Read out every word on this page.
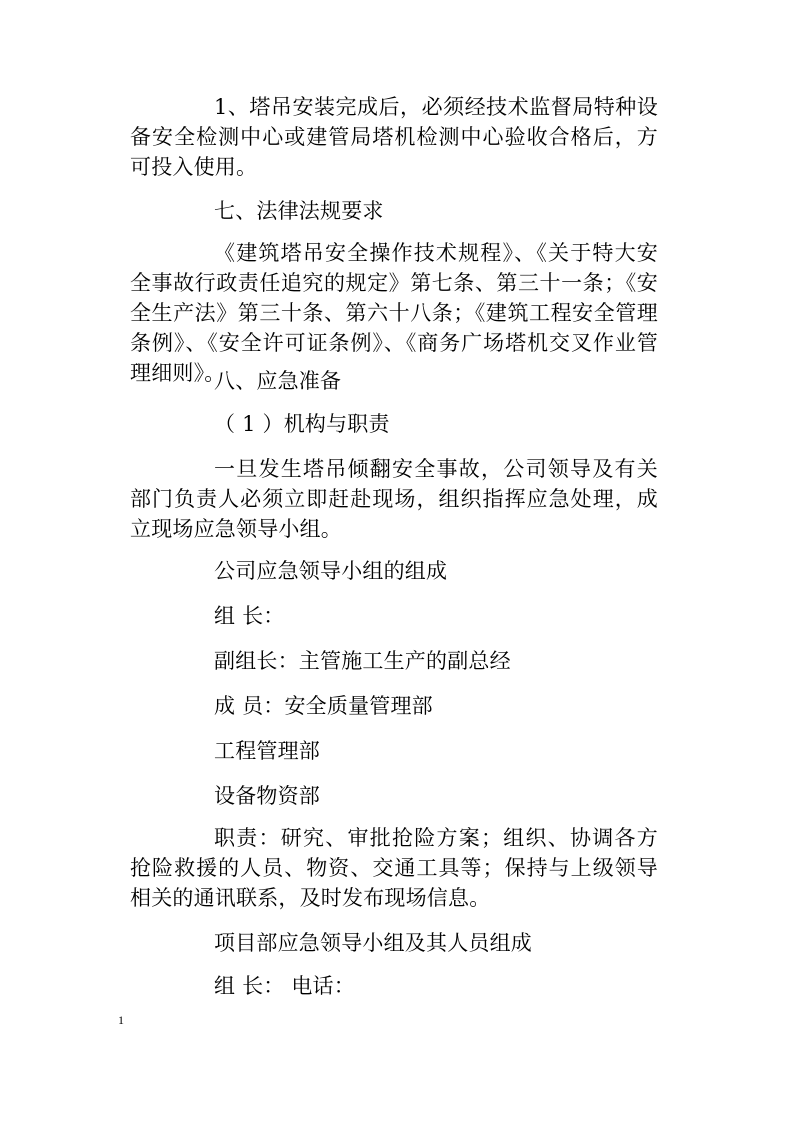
1、塔吊安装完成后，必须经技术监督局特种设备安全检测中心或建管局塔机检测中心验收合格后，方可投入使用。

七、法律法规要求

《建筑塔吊安全操作技术规程》、《关于特大安全事故行政责任追究的规定》第七条、第三十一条；《安全生产法》第三十条、第六十八条；《建筑工程安全管理条例》、《安全许可证条例》、《商务广场塔机交叉作业管理细则》。

八、应急准备

（ 1 ）机构与职责

一旦发生塔吊倾翻安全事故，公司领导及有关部门负责人必须立即赶赴现场，组织指挥应急处理，成立现场应急领导小组。

公司应急领导小组的组成

组 长：

副组长：主管施工生产的副总经

成 员：安全质量管理部

工程管理部

设备物资部

职责：研究、审批抢险方案；组织、协调各方抢险救援的人员、物资、交通工具等；保持与上级领导相关的通讯联系，及时发布现场信息。

项目部应急领导小组及其人员组成

组 长： 电话：

1
